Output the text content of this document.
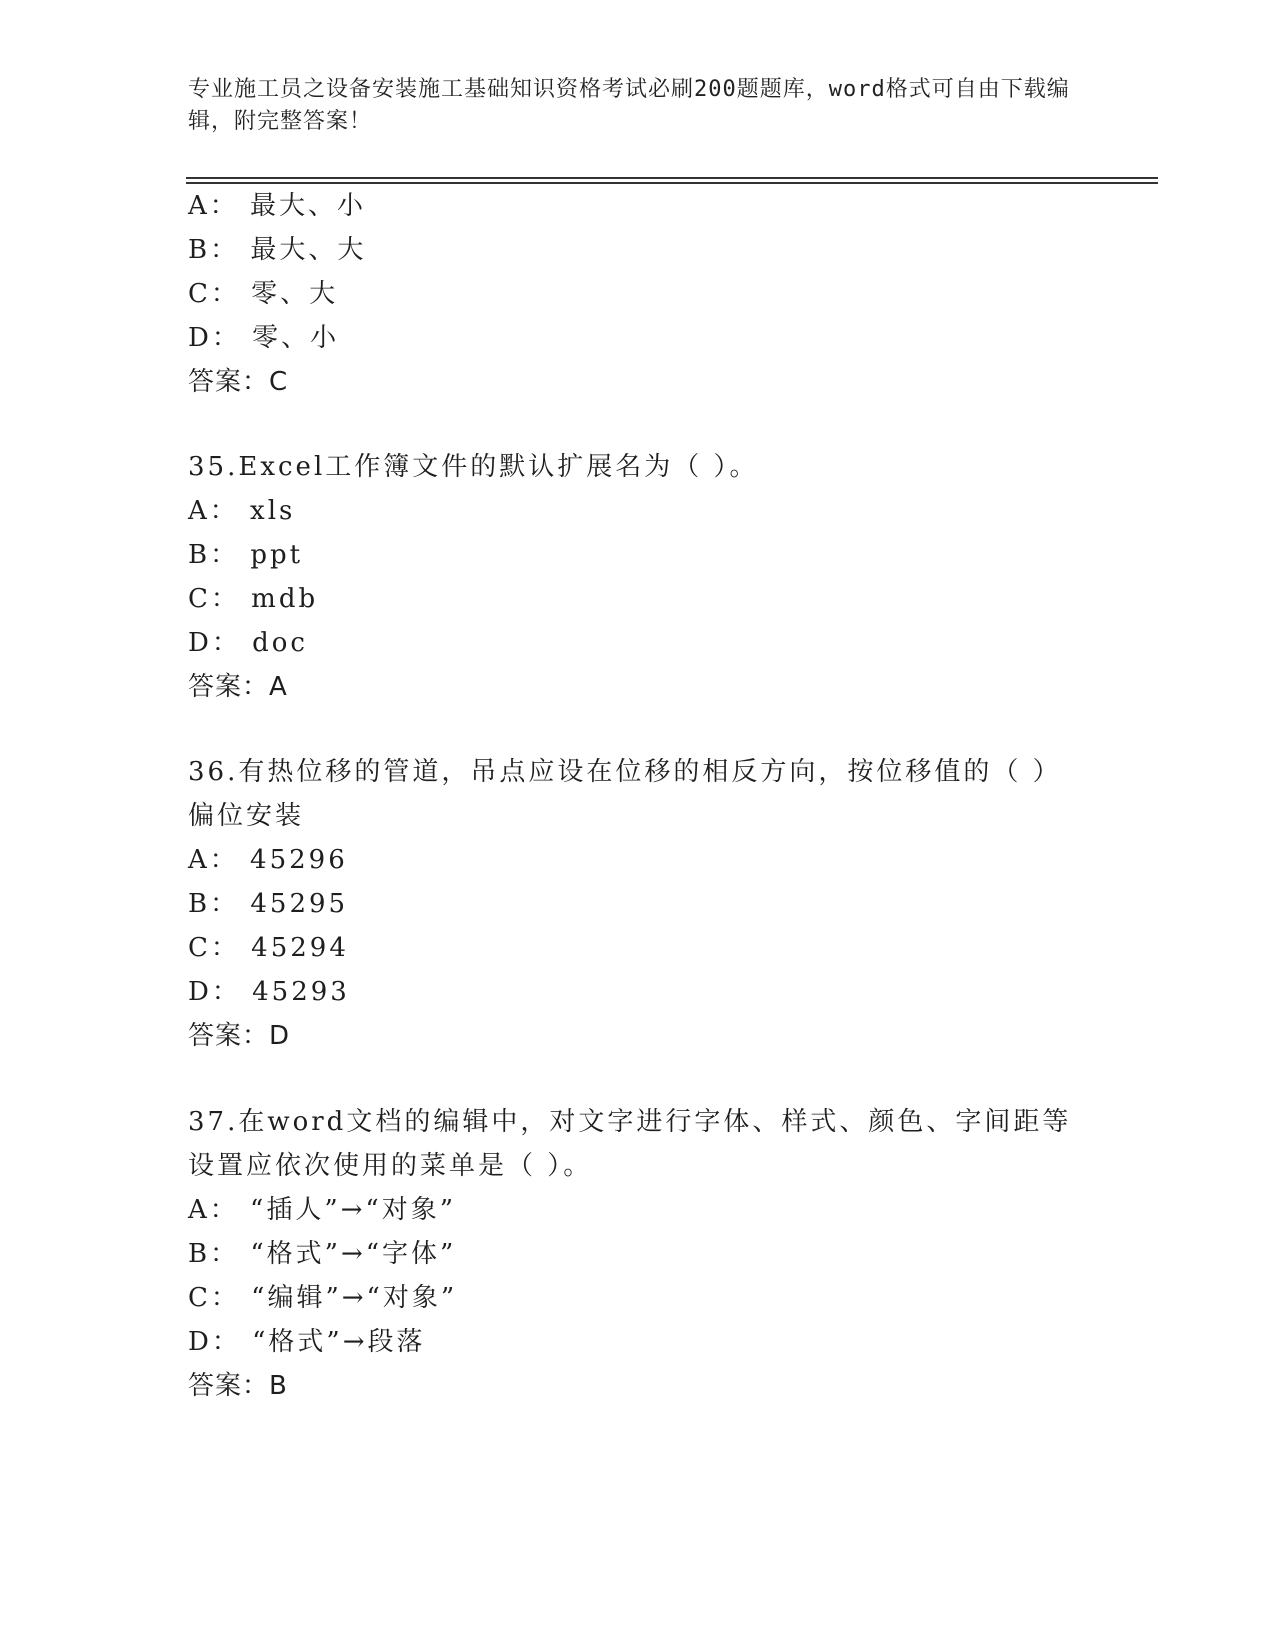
专业施工员之设备安装施工基础知识资格考试必刷200题题库，word格式可自由下载编辑，附完整答案！
A： 最大、小
B： 最大、大
C： 零、大
D： 零、小
答案：C
35.Excel工作簿文件的默认扩展名为（ ）。
A： xls
B： ppt
C： mdb
D： doc
答案：A
36.有热位移的管道，吊点应设在位移的相反方向，按位移值的（ ）
偏位安装
A： 45296
B： 45295
C： 45294
D： 45293
答案：D
37.在word文档的编辑中，对文字进行字体、样式、颜色、字间距等
设置应依次使用的菜单是（ ）。
A： “插人”→“对象”
B： “格式”→“字体”
C： “编辑”→“对象”
D： “格式”→段落
答案：B
